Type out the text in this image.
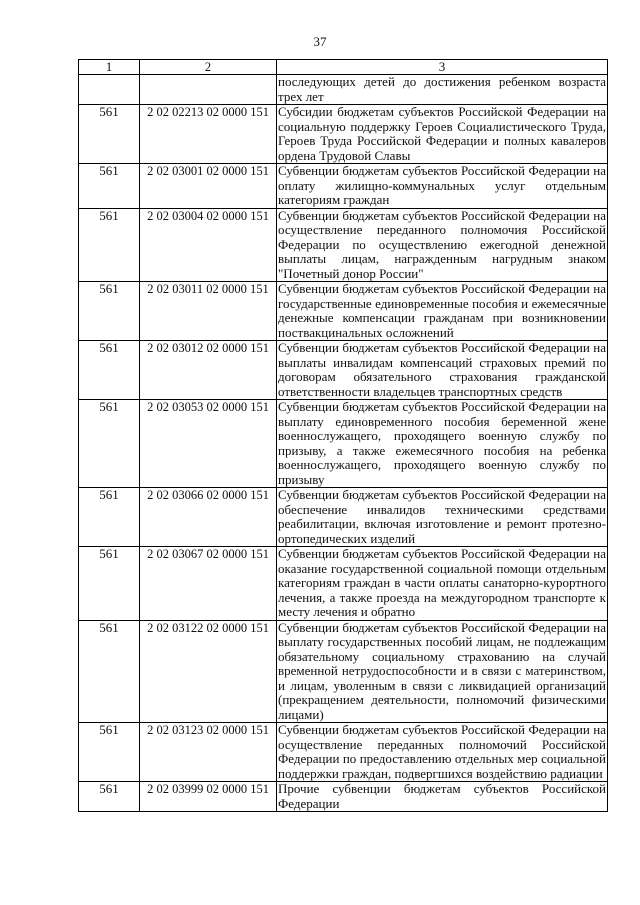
37
1	2	3
		последующих детей до достижения ребенком возраста трех лет
561	2 02 02213 02 0000 151	Субсидии бюджетам субъектов Российской Федерации на социальную поддержку Героев Социалистического Труда, Героев Труда Российской Федерации и полных кавалеров ордена Трудовой Славы
561	2 02 03001 02 0000 151	Субвенции бюджетам субъектов Российской Федерации на оплату жилищно-коммунальных услуг отдельным категориям граждан
561	2 02 03004 02 0000 151	Субвенции бюджетам субъектов Российской Федерации на осуществление переданного полномочия Российской Федерации по осуществлению ежегодной денежной выплаты лицам, награжденным нагрудным знаком "Почетный донор России"
561	2 02 03011 02 0000 151	Субвенции бюджетам субъектов Российской Федерации на государственные единовременные пособия и ежемесячные денежные компенсации гражданам при возникновении поствакцинальных осложнений
561	2 02 03012 02 0000 151	Субвенции бюджетам субъектов Российской Федерации на выплаты инвалидам компенсаций страховых премий по договорам обязательного страхования гражданской ответственности владельцев транспортных средств
561	2 02 03053 02 0000 151	Субвенции бюджетам субъектов Российской Федерации на выплату единовременного пособия беременной жене военнослужащего, проходящего военную службу по призыву, а также ежемесячного пособия на ребенка военнослужащего, проходящего военную службу по призыву
561	2 02 03066 02 0000 151	Субвенции бюджетам субъектов Российской Федерации на обеспечение инвалидов техническими средствами реабилитации, включая изготовление и ремонт протезно-ортопедических изделий
561	2 02 03067 02 0000 151	Субвенции бюджетам субъектов Российской Федерации на оказание государственной социальной помощи отдельным категориям граждан в части оплаты санаторно-курортного лечения, а также проезда на междугородном транспорте к месту лечения и обратно
561	2 02 03122 02 0000 151	Субвенции бюджетам субъектов Российской Федерации на выплату государственных пособий лицам, не подлежащим обязательному социальному страхованию на случай временной нетрудоспособности и в связи с материнством, и лицам, уволенным в связи с ликвидацией организаций (прекращением деятельности, полномочий физическими лицами)
561	2 02 03123 02 0000 151	Субвенции бюджетам субъектов Российской Федерации на осуществление переданных полномочий Российской Федерации по предоставлению отдельных мер социальной поддержки граждан, подвергшихся воздействию радиации
561	2 02 03999 02 0000 151	Прочие субвенции бюджетам субъектов Российской Федерации
